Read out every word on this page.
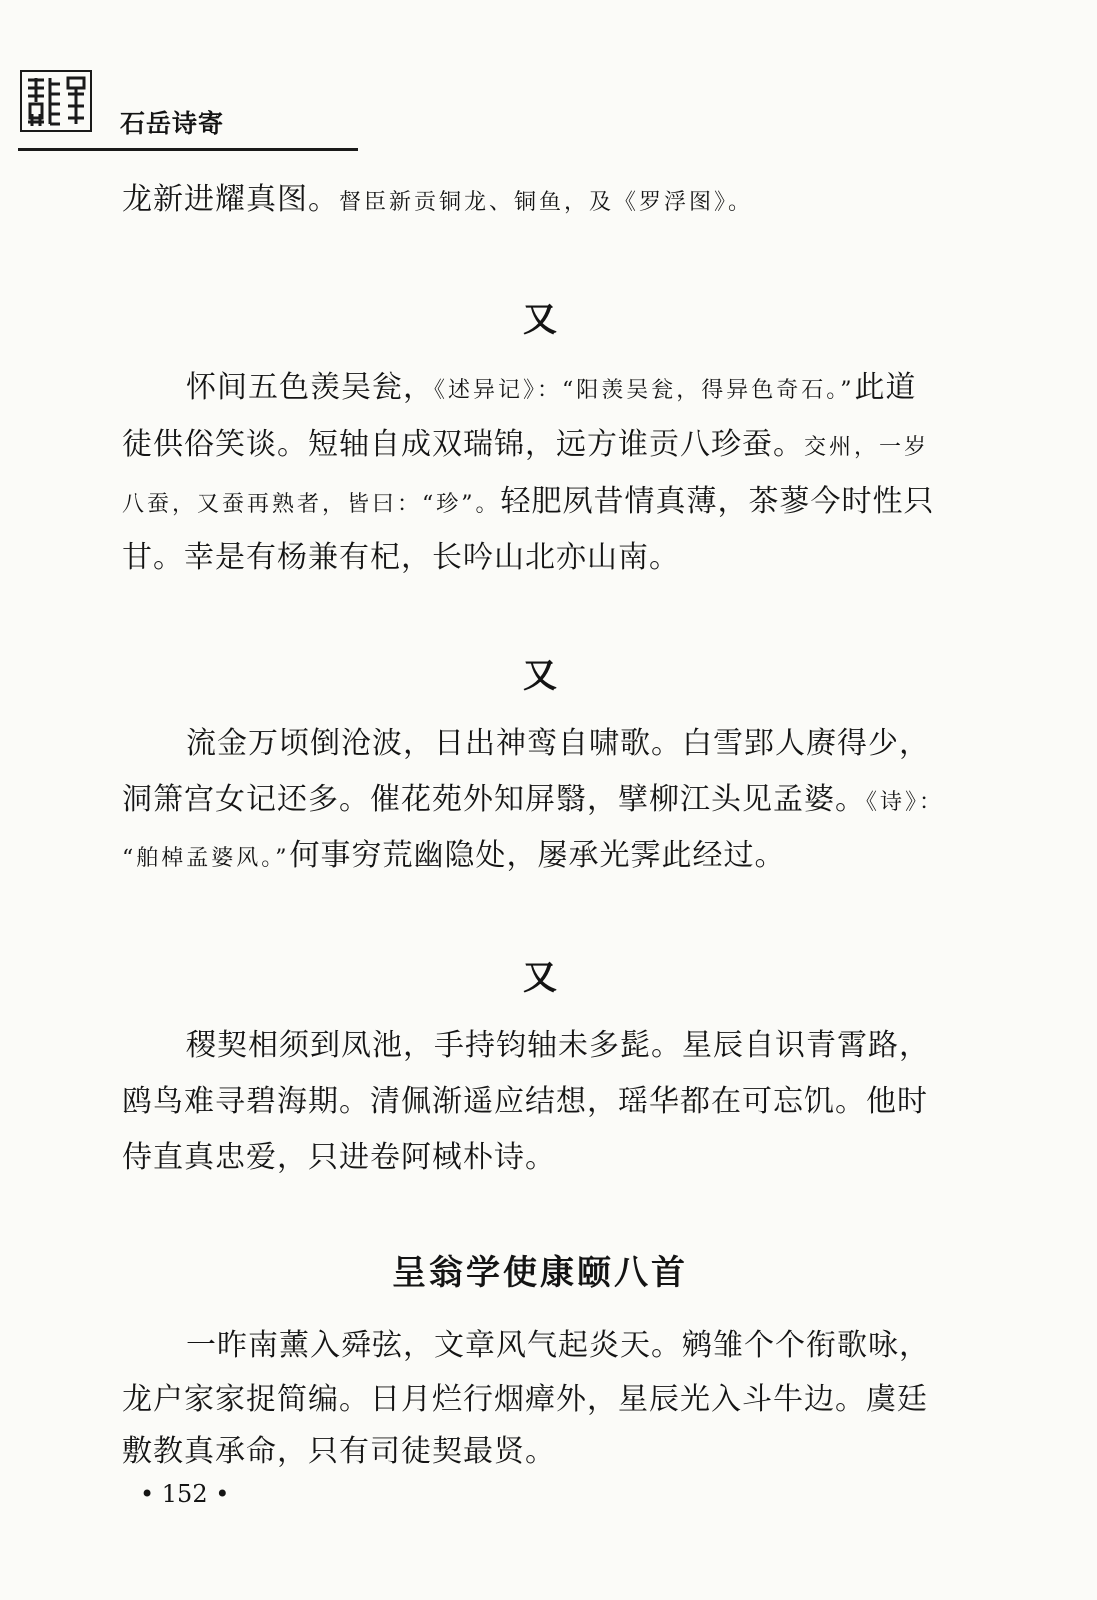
石岳诗寄
龙新进耀真图。督臣新贡铜龙、铜鱼，及《罗浮图》。
又
怀间五色羡吴瓮，《述异记》：“阳羡吴瓮，得异色奇石。”此道
徒供俗笑谈。短轴自成双瑞锦，远方谁贡八珍蚕。交州，一岁
八蚕，又蚕再熟者，皆曰：“珍”。轻肥夙昔情真薄，茶蓼今时性只
甘。幸是有杨兼有杞，长吟山北亦山南。
又
流金万顷倒沧波，日出神鸾自啸歌。白雪郢人赓得少，
洞箫宫女记还多。催花苑外知屏翳，擘柳江头见孟婆。《诗》：
“舶棹孟婆风。”何事穷荒幽隐处，屡承光霁此经过。
又
稷契相须到凤池，手持钧轴未多髭。星辰自识青霄路，
鸥鸟难寻碧海期。清佩渐遥应结想，瑶华都在可忘饥。他时
侍直真忠爱，只进卷阿棫朴诗。
呈翁学使康颐八首
一昨南薰入舜弦，文章风气起炎天。鹓雏个个衔歌咏，
龙户家家捉简编。日月烂行烟瘴外，星辰光入斗牛边。虞廷
敷教真承命，只有司徒契最贤。
• 152 •
